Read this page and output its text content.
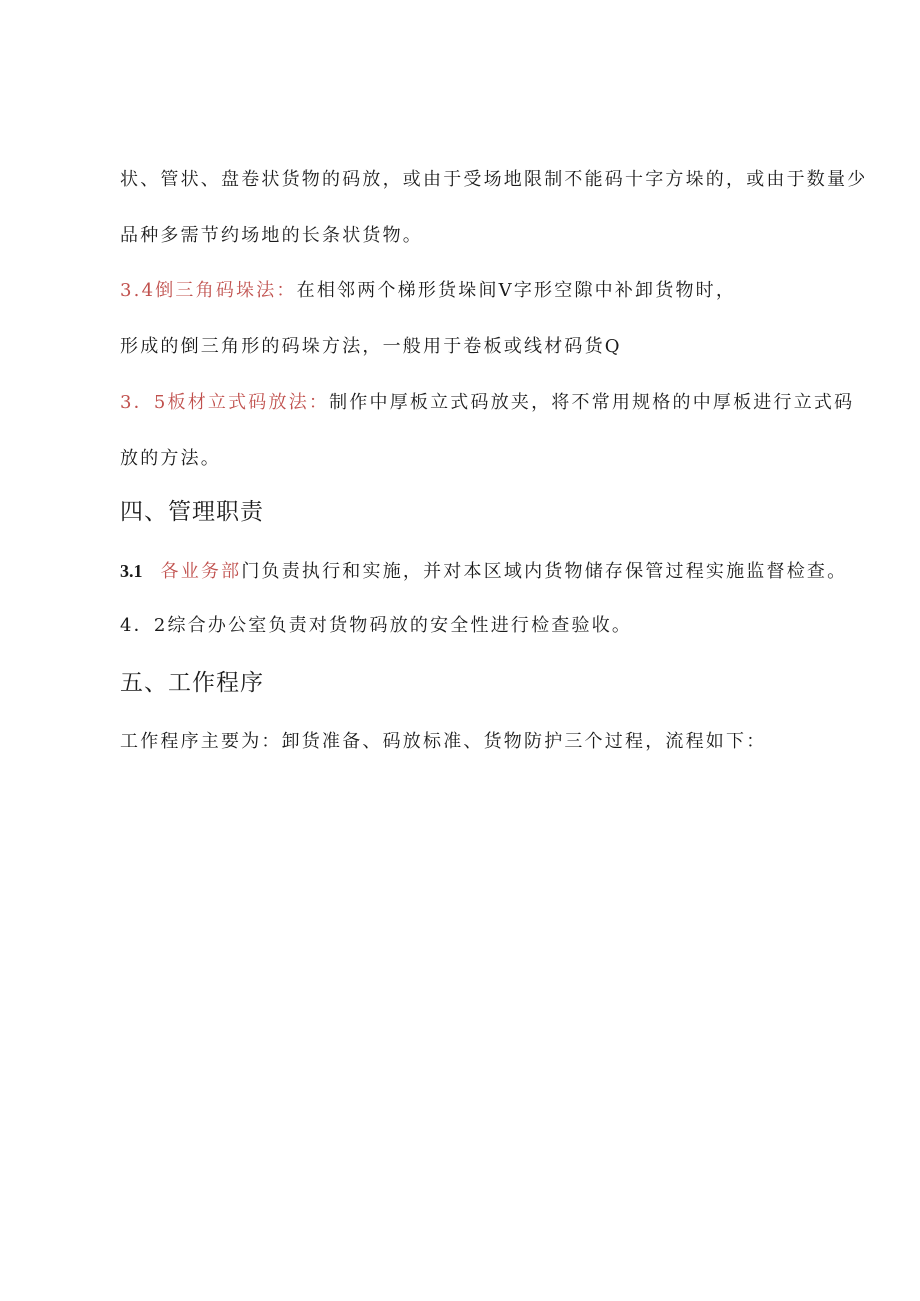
状、管状、盘卷状货物的码放，或由于受场地限制不能码十字方垛的，或由于数量少
品种多需节约场地的长条状货物。
3.4倒三角码垛法：在相邻两个梯形货垛间V字形空隙中补卸货物时，
形成的倒三角形的码垛方法，一般用于卷板或线材码货Q
3．5板材立式码放法：制作中厚板立式码放夹，将不常用规格的中厚板进行立式码
放的方法。
四、管理职责
3.1 各业务部门负责执行和实施，并对本区域内货物储存保管过程实施监督检查。
4．2综合办公室负责对货物码放的安全性进行检查验收。
五、工作程序
工作程序主要为：卸货准备、码放标准、货物防护三个过程，流程如下：
